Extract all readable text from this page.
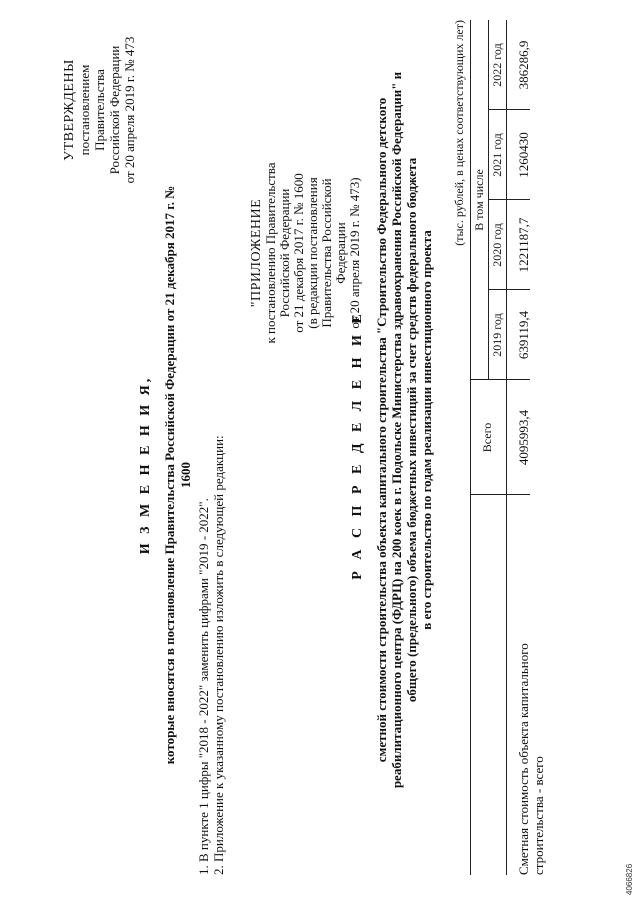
УТВЕРЖДЕНЫ постановлением Правительства Российской Федерации от 20 апреля 2019 г. № 473
И З М Е Н Е Н И Я, которые вносятся в постановление Правительства Российской Федерации от 21 декабря 2017 г. № 1600
1. В пункте 1 цифры "2018 - 2022" заменить цифрами "2019 - 2022". 2. Приложение к указанному постановлению изложить в следующей редакции:
"ПРИЛОЖЕНИЕ к постановлению Правительства Российской Федерации от 21 декабря 2017 г. № 1600 (в редакции постановления Правительства Российской Федерации от 20 апреля 2019 г. № 473)
Р А С П Р Е Д Е Л Е Н И Е сметной стоимости строительства объекта капитального строительства "Строительство Федерального детского реабилитационного центра (ФДРЦ) на 200 коек в г. Подольске Министерства здравоохранения Российской Федерации" и общего (предельного) объема бюджетных инвестиций за счет средств федерального бюджета в его строительство по годам реализации инвестиционного проекта
(тыс. рублей, в ценах соответствующих лет)
Всего
В том числе
2019 год
2020 год
2021 год
2022 год
Сметная стоимость объекта капитального строительства - всего
4095993,4
639119,4
1221187,7
1260430
386286,9
4066826
